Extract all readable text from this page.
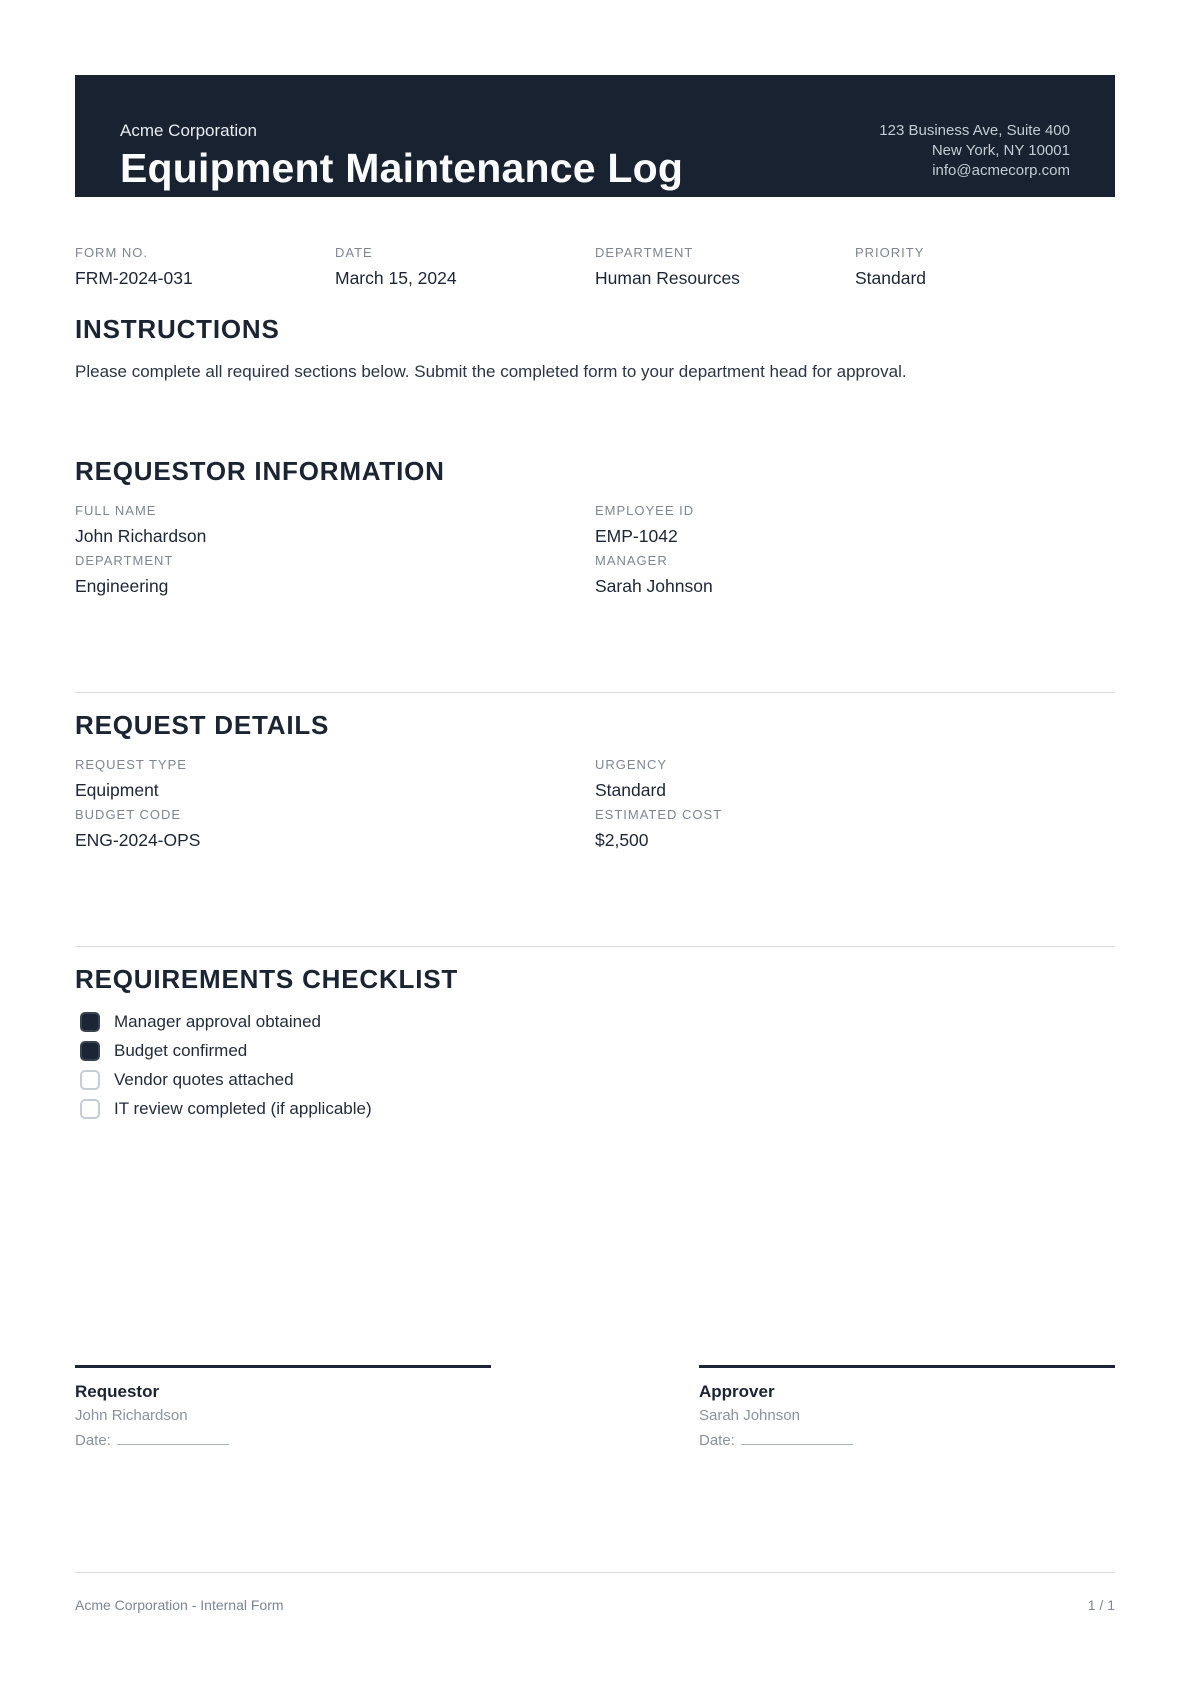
Acme Corporation
Equipment Maintenance Log
123 Business Ave, Suite 400
New York, NY 10001
info@acmecorp.com
FORM NO.
FRM-2024-031
DATE
March 15, 2024
DEPARTMENT
Human Resources
PRIORITY
Standard
INSTRUCTIONS

Please complete all required sections below. Submit the completed form to your department head for approval.

REQUESTOR INFORMATION
FULL NAME
John Richardson
EMPLOYEE ID
EMP-1042
DEPARTMENT
Engineering
MANAGER
Sarah Johnson
REQUEST DETAILS
REQUEST TYPE
Equipment
URGENCY
Standard
BUDGET CODE
ENG-2024-OPS
ESTIMATED COST
$2,500
REQUIREMENTS CHECKLIST
Manager approval obtained
Budget confirmed
Vendor quotes attached
IT review completed (if applicable)
Requestor
John Richardson
Date:
Approver
Sarah Johnson
Date:
Acme Corporation - Internal Form	1 / 1
